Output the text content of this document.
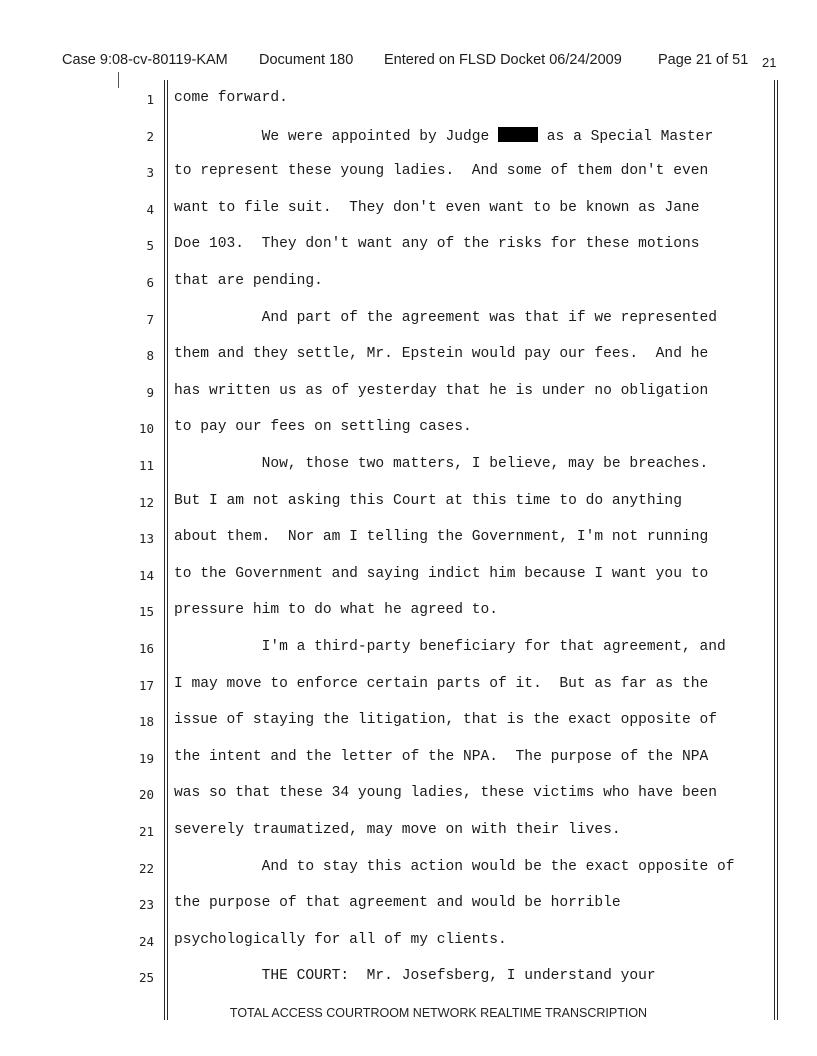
Case 9:08-cv-80119-KAM Document 180 Entered on FLSD Docket 06/24/2009 Page 21 of 51 21
1 come forward.
2 We were appointed by Judge	as a Special Master
3 to represent these young ladies.  And some of them don't even
4 want to file suit.  They don't even want to be known as Jane
5 Doe 103.  They don't want any of the risks for these motions
6 that are pending.
7 And part of the agreement was that if we represented
8 them and they settle, Mr. Epstein would pay our fees.  And he
9 has written us as of yesterday that he is under no obligation
10 to pay our fees on settling cases.
11 Now, those two matters, I believe, may be breaches.
12 But I am not asking this Court at this time to do anything
13 about them.  Nor am I telling the Government, I'm not running
14 to the Government and saying indict him because I want you to
15 pressure him to do what he agreed to.
16 I'm a third-party beneficiary for that agreement, and
17 I may move to enforce certain parts of it.  But as far as the
18 issue of staying the litigation, that is the exact opposite of
19 the intent and the letter of the NPA.  The purpose of the NPA
20 was so that these 34 young ladies, these victims who have been
21 severely traumatized, may move on with their lives.
22 And to stay this action would be the exact opposite of
23 the purpose of that agreement and would be horrible
24 psychologically for all of my clients.
25 THE COURT:  Mr. Josefsberg, I understand your
TOTAL ACCESS COURTROOM NETWORK REALTIME TRANSCRIPTION
